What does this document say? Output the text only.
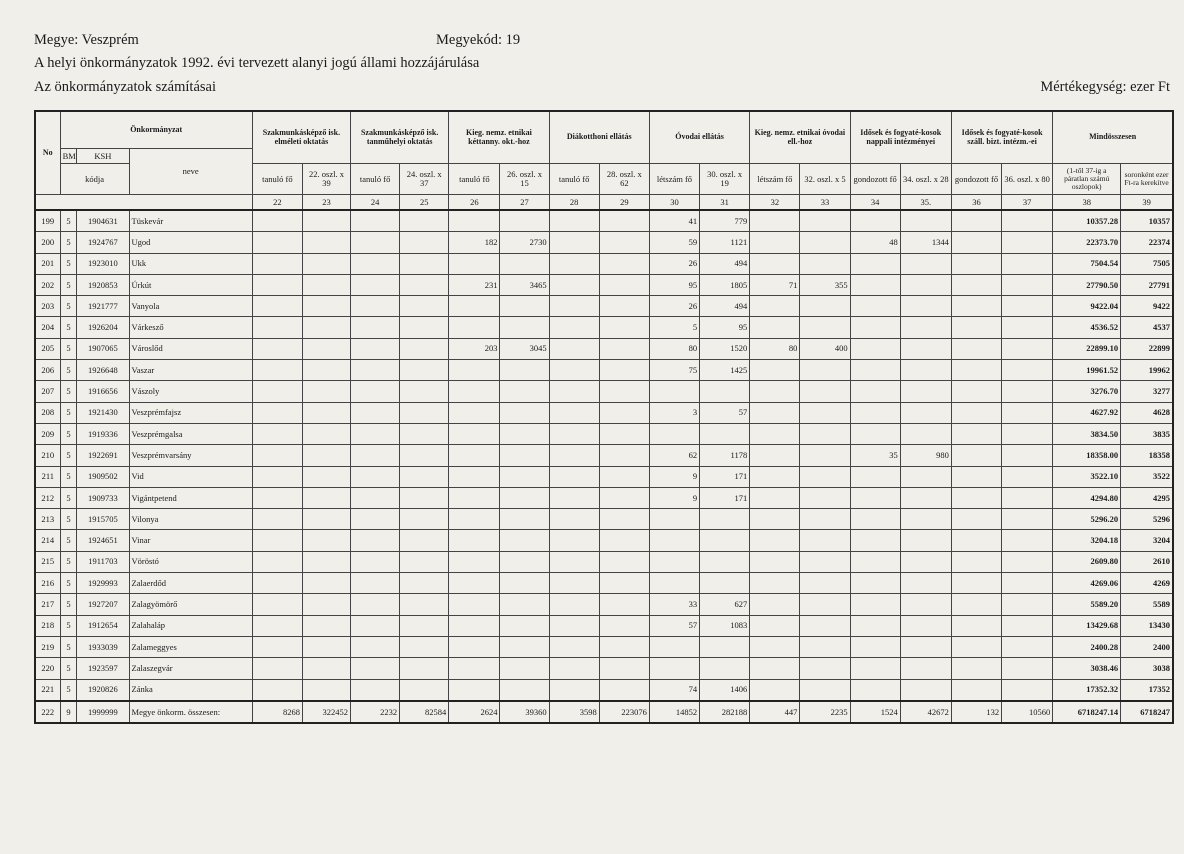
Megye: Veszprém	Megyekód: 19
A helyi önkormányzatok 1992. évi tervezett alanyi jogú állami hozzájárulása
Az önkormányzatok számításai	Mértékegység: ezer Ft
No	Önkormányzat			Szakmunkásképző isk. elméleti oktatás		Szakmunkásképző isk. tanműhelyi oktatás		Kieg. nemz. etnikai kéttanny. okt.-hoz		Diákotthoni ellátás		Óvodai ellátás		Kieg. nemz. etnikai óvodai ell.-hoz		Idősek és fogyaté-kosok nappali intézményei		Idősek és fogyaté-kosok száll. bizt. intézm.-ei		Mindösszesen	
	BM	KSH	neve																		
	kódja			tanuló fő	22. oszl. x 39	tanuló fő	24. oszl. x 37	tanuló fő	26. oszl. x 15	tanuló fő	28. oszl. x 62	létszám fő	30. oszl. x 19	létszám fő	32. oszl. x 5	gondozott fő	34. oszl. x 28	gondozott fő	36. oszl. x 80	(1-től 37-ig a páratlan számú oszlopok)	soronként ezer Ft-ra kerekítve
				22	23	24	25	26	27	28	29	30	31	32	33	34	35.	36	37	38	39
199	5	1904631	Tüskevár									41	779							10357.28	10357
200	5	1924767	Ugod					182	2730			59	1121			48	1344			22373.70	22374
201	5	1923010	Ukk									26	494							7504.54	7505
202	5	1920853	Úrkút					231	3465			95	1805	71	355					27790.50	27791
203	5	1921777	Vanyola									26	494							9422.04	9422
204	5	1926204	Várkesző									5	95							4536.52	4537
205	5	1907065	Városlőd					203	3045			80	1520	80	400					22899.10	22899
206	5	1926648	Vaszar									75	1425							19961.52	19962
207	5	1916656	Vászoly																	3276.70	3277
208	5	1921430	Veszprémfajsz									3	57							4627.92	4628
209	5	1919336	Veszprémgalsa																	3834.50	3835
210	5	1922691	Veszprémvarsány									62	1178			35	980			18358.00	18358
211	5	1909502	Vid									9	171							3522.10	3522
212	5	1909733	Vigántpetend									9	171							4294.80	4295
213	5	1915705	Vilonya																	5296.20	5296
214	5	1924651	Vinar																	3204.18	3204
215	5	1911703	Vöröstó																	2609.80	2610
216	5	1929993	Zalaerdőd																	4269.06	4269
217	5	1927207	Zalagyömörő									33	627							5589.20	5589
218	5	1912654	Zalahaláp									57	1083							13429.68	13430
219	5	1933039	Zalameggyes																	2400.28	2400
220	5	1923597	Zalaszegvár																	3038.46	3038
221	5	1920826	Zánka									74	1406							17352.32	17352
222	9	1999999	Megye önkorm. összesen:	8268	322452	2232	82584	2624	39360	3598	223076	14852	282188	447	2235	1524	42672	132	10560	6718247.14	6718247
